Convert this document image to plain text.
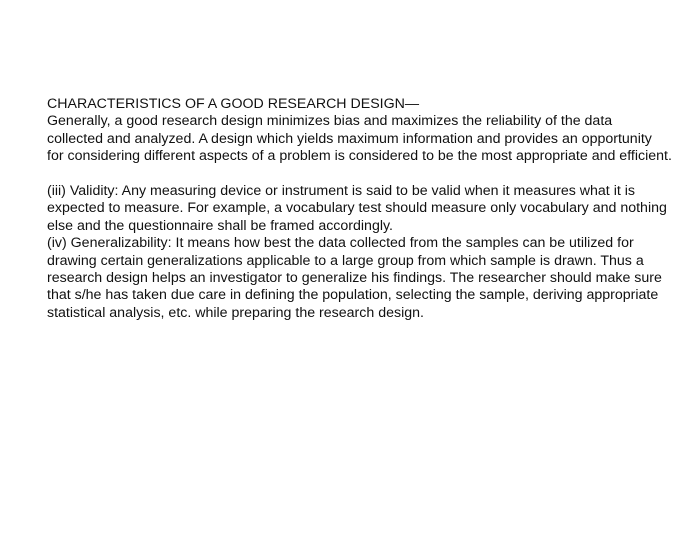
CHARACTERISTICS OF A GOOD RESEARCH DESIGN—

Generally, a good research design minimizes bias and maximizes the reliability of the data collected and analyzed. A design which yields maximum information and provides an opportunity for considering different aspects of a problem is considered to be the most appropriate and efficient.

(iii) Validity: Any measuring device or instrument is said to be valid when it measures what it is expected to measure. For example, a vocabulary test should measure only vocabulary and nothing else and the questionnaire shall be framed accordingly.

(iv) Generalizability: It means how best the data collected from the samples can be utilized for drawing certain generalizations applicable to a large group from which sample is drawn. Thus a research design helps an investigator to generalize his findings. The researcher should make sure that s/he has taken due care in defining the population, selecting the sample, deriving appropriate statistical analysis, etc. while preparing the research design.
